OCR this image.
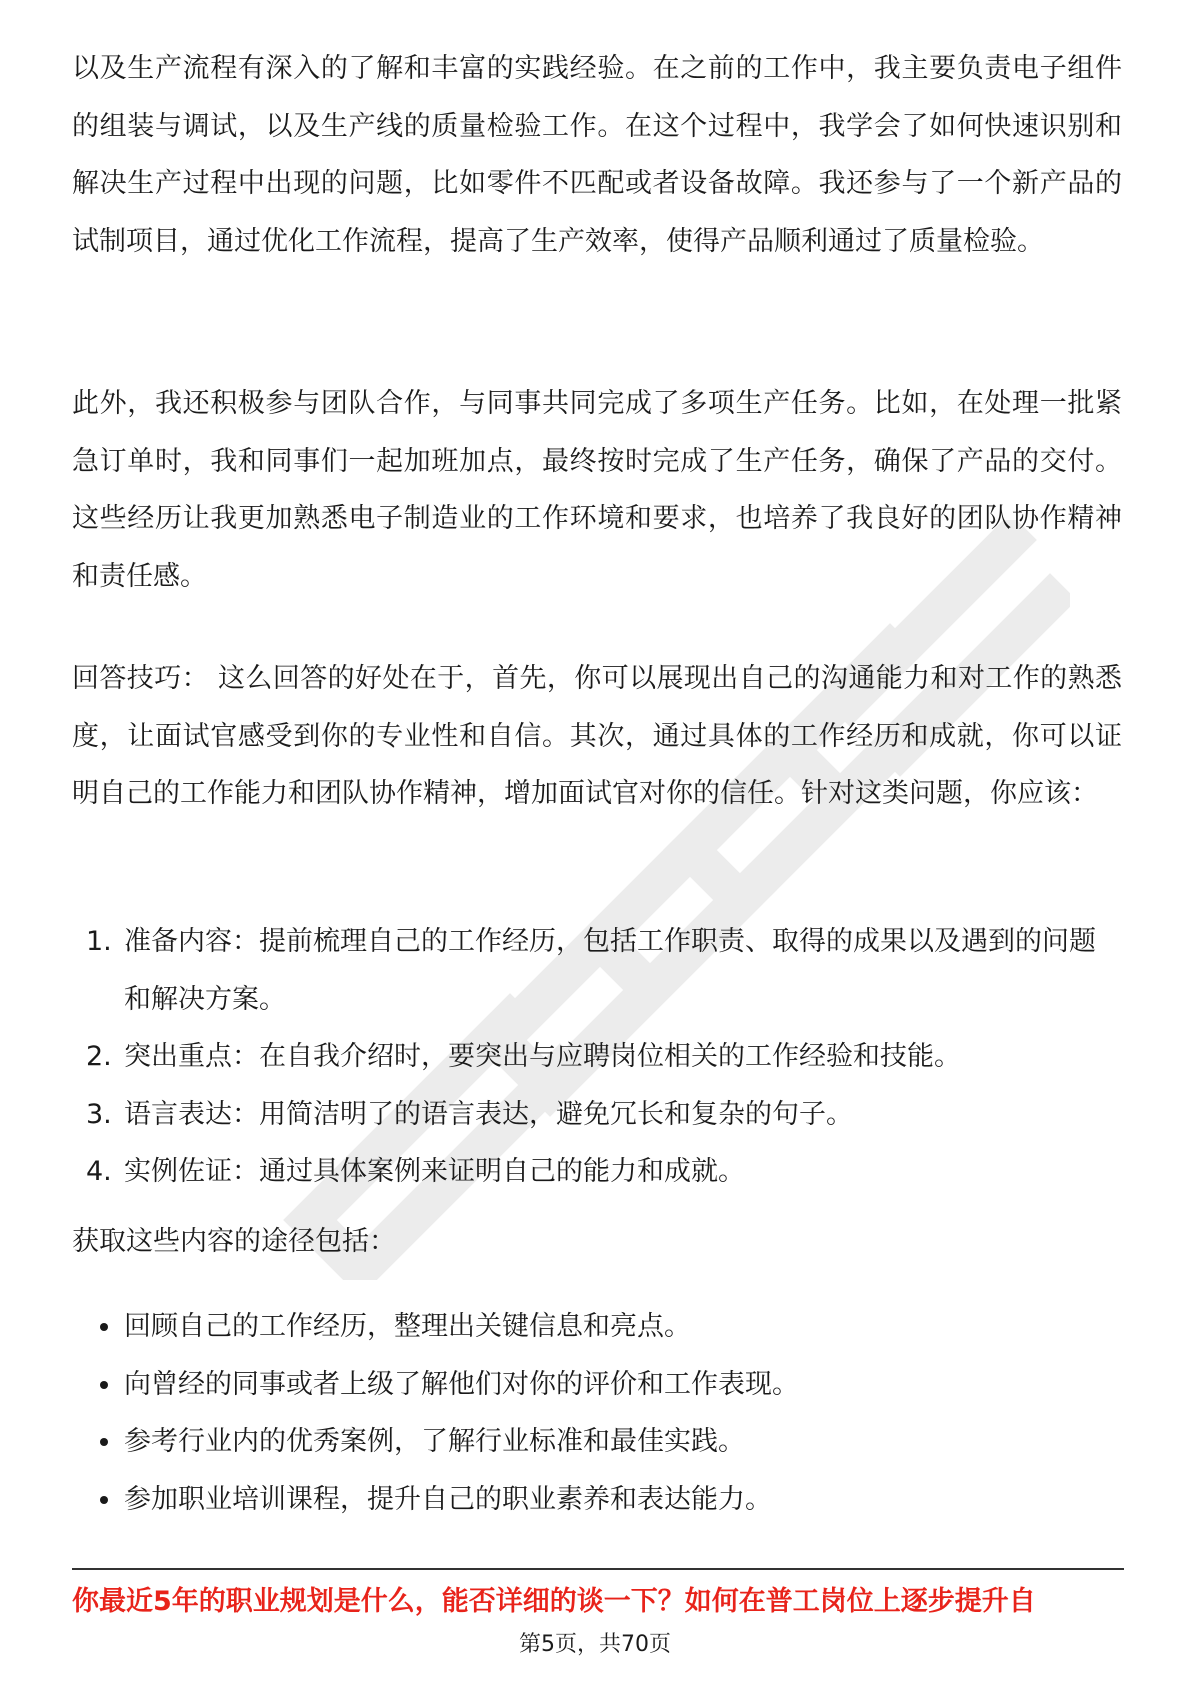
以及生产流程有深入的了解和丰富的实践经验。在之前的工作中，我主要负责电子组件的组装与调试，以及生产线的质量检验工作。在这个过程中，我学会了如何快速识别和解决生产过程中出现的问题，比如零件不匹配或者设备故障。我还参与了一个新产品的试制项目，通过优化工作流程，提高了生产效率，使得产品顺利通过了质量检验。

此外，我还积极参与团队合作，与同事共同完成了多项生产任务。比如，在处理一批紧急订单时，我和同事们一起加班加点，最终按时完成了生产任务，确保了产品的交付。这些经历让我更加熟悉电子制造业的工作环境和要求，也培养了我良好的团队协作精神和责任感。

回答技巧： 这么回答的好处在于，首先，你可以展现出自己的沟通能力和对工作的熟悉度，让面试官感受到你的专业性和自信。其次，通过具体的工作经历和成就，你可以证明自己的工作能力和团队协作精神，增加面试官对你的信任。针对这类问题，你应该：

1. 准备内容：提前梳理自己的工作经历，包括工作职责、取得的成果以及遇到的问题和解决方案。
2. 突出重点：在自我介绍时，要突出与应聘岗位相关的工作经验和技能。
3. 语言表达：用简洁明了的语言表达，避免冗长和复杂的句子。
4. 实例佐证：通过具体案例来证明自己的能力和成就。

获取这些内容的途径包括：

回顾自己的工作经历，整理出关键信息和亮点。
向曾经的同事或者上级了解他们对你的评价和工作表现。
参考行业内的优秀案例，了解行业标准和最佳实践。
参加职业培训课程，提升自己的职业素养和表达能力。
你最近5年的职业规划是什么，能否详细的谈一下？如何在普工岗位上逐步提升自
第5页，共70页
